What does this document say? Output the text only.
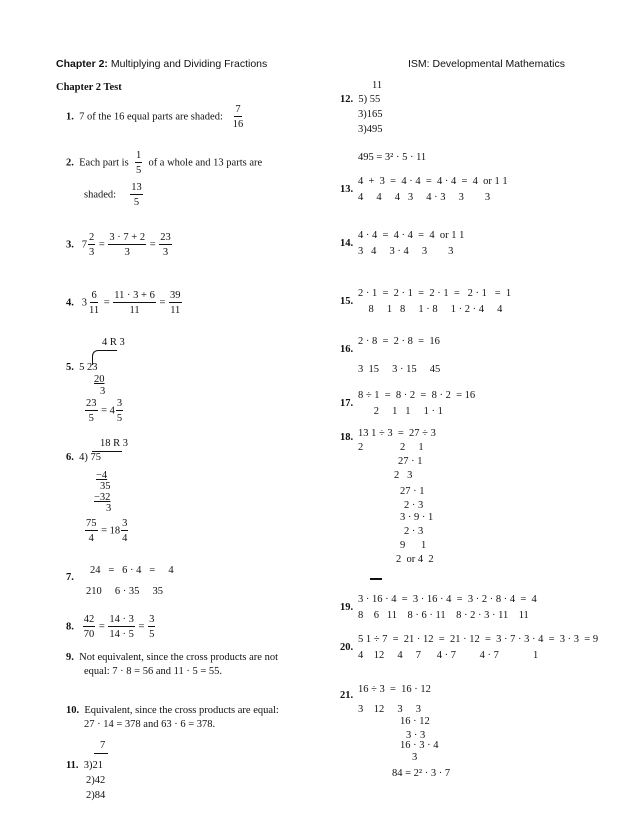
Chapter 2: Multiplying and Dividing Fractions	ISM: Developmental Mathematics
Chapter 2 Test
1. 7 of the 16 equal parts are shaded: $\frac{7}{16}$
2. Each part is $\frac{1}{5}$ of a whole and 13 parts are
shaded: $\frac{13}{5}$
3. $7 \frac{2}{3} = \frac{3 \cdot 7 + 2}{3} = \frac{23}{3}$
4. $3 \frac{6}{11} = \frac{11 \cdot 3 + 6}{11} = \frac{39}{11}$
4 R 3
5. 5 23
20
3
$\frac{23}{5} = 4 \frac{3}{5}$
18 R 3
6. 4) 75
−4
35
−32
3
$\frac{75}{4} = 18 \frac{3}{4}$
24   =   6 · 4   =     4
7.
210     6 · 35     35
8. $\frac{42}{70} = \frac{14 \cdot 3}{14 \cdot 5} = \frac{3}{5}$
9. Not equivalent, since the cross products are not
equal: 7 · 8 = 56 and 11 · 5 = 55.
10. Equivalent, since the cross products are equal:
27 · 14 = 378 and 63 · 6 = 378.
7
11. 3)21
2)42
2)84
11
12. 5) 55
3)165
3)495
495 = 3² · 5 · 11
4  +  3  =  4 · 4  =  4 · 4  =  4  or 1 1
13.
4     4     4   3     4 · 3     3        3
4 · 4  =  4 · 4  =  4  or 1 1
14.
3   4     3 · 4     3        3
2 · 1  =  2 · 1  =  2 · 1  =   2 · 1   =  1
15.
8     1   8     1 · 8     1 · 2 · 4     4
2 · 8  =  2 · 8  =  16
16.
3  15     3 · 15     45
8 ÷ 1  =  8 · 2  =  8 · 2  = 16
17.
2     1   1     1 · 1
18. 13 1 ÷ 3  =  27 ÷ 3
2              2     1
27 · 1
2   3
27 · 1
2 · 3
3 · 9 · 1
2 · 3
9      1
2  or 4  2
3 · 16 · 4  =  3 · 16 · 4  =  3 · 2 · 8 · 4  =  4
19.
8    6   11    8 · 6 · 11    8 · 2 · 3 · 11    11
5 1 ÷ 7  =  21 · 12  =  21 · 12  =  3 · 7 · 3 · 4  =  3 · 3  = 9
20.
4    12     4     7      4 · 7         4 · 7             1
16 ÷ 3  =  16 · 12
21.
3    12     3     3
16 · 12
3 · 3
16 · 3 · 4
3
84 = 2² · 3 · 7
